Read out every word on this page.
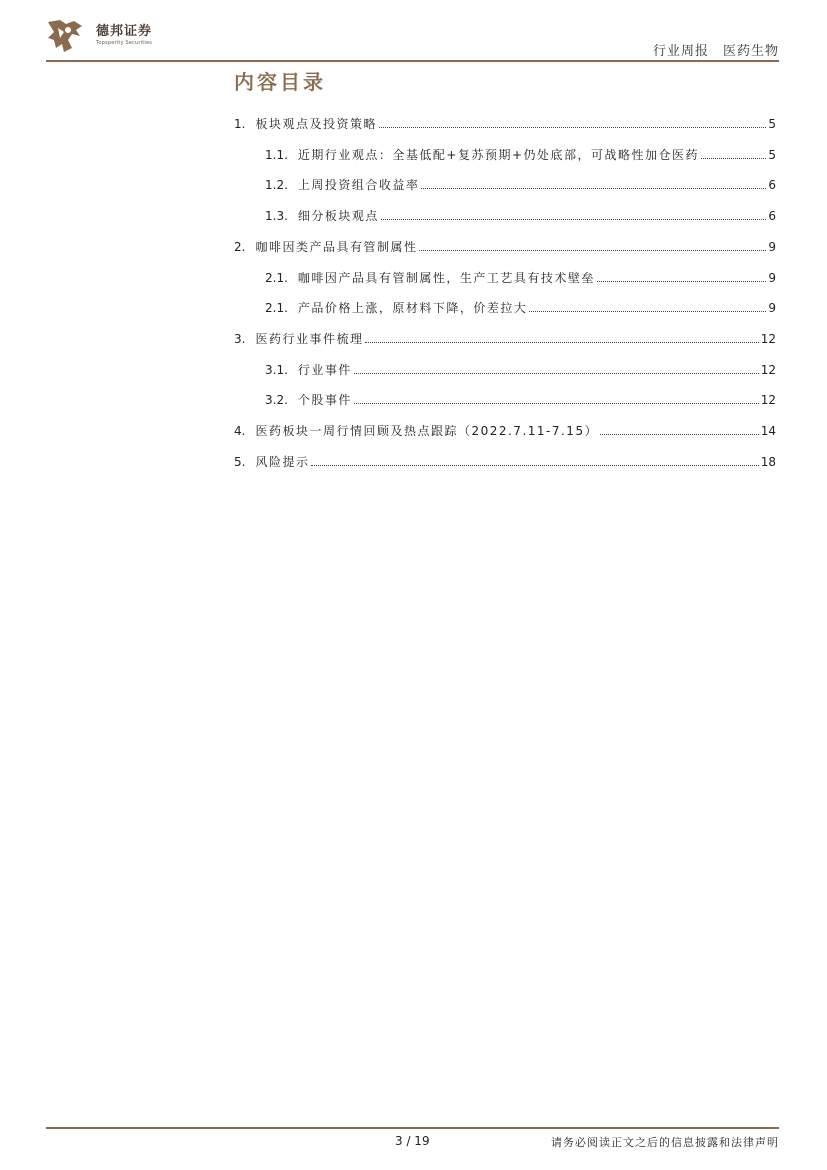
德邦证券
Topsperity Securities
行业周报 医药生物
内容目录
1. 板块观点及投资策略	5
1.1. 近期行业观点：全基低配+复苏预期+仍处底部，可战略性加仓医药	5
1.2. 上周投资组合收益率	6
1.3. 细分板块观点	6
2. 咖啡因类产品具有管制属性	9
2.1. 咖啡因产品具有管制属性，生产工艺具有技术壁垒	9
2.1. 产品价格上涨，原材料下降，价差拉大	9
3. 医药行业事件梳理	12
3.1. 行业事件	12
3.2. 个股事件	12
4. 医药板块一周行情回顾及热点跟踪（2022.7.11-7.15）	14
5. 风险提示	18
3 / 19	请务必阅读正文之后的信息披露和法律声明
